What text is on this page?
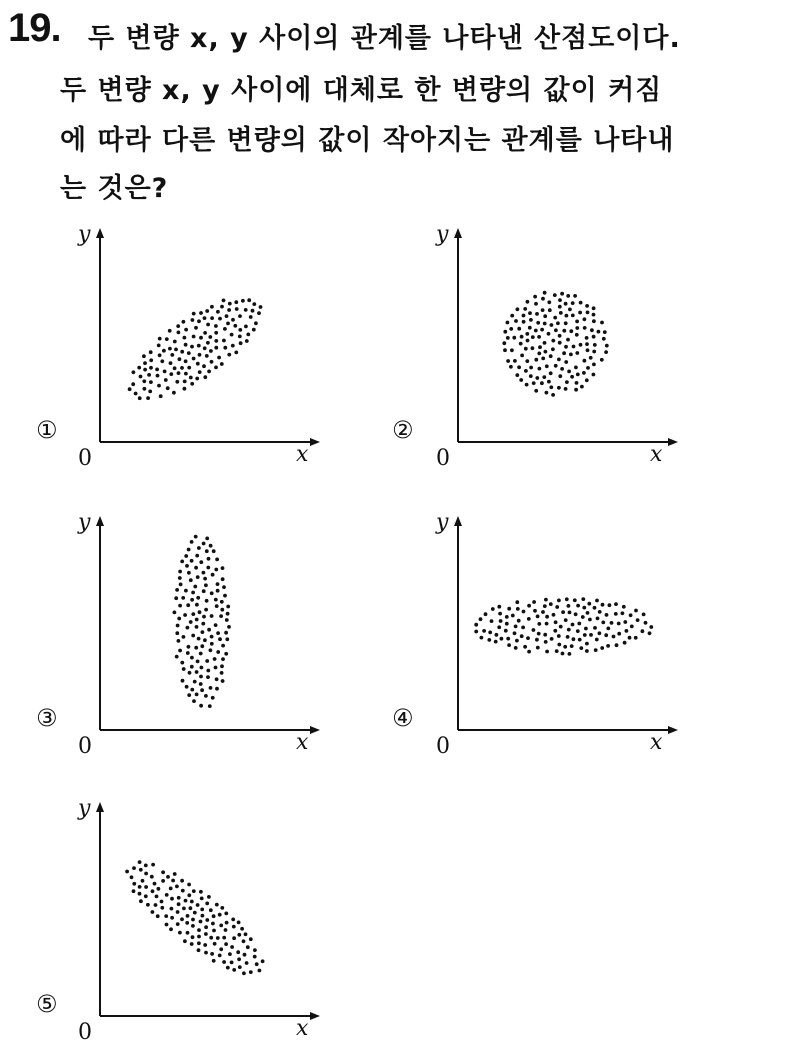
19. 두 변량 x, y 사이의 관계를 나타낸 산점도이다.
두 변량 x, y 사이에 대체로 한 변량의 값이 커짐
에 따라 다른 변량의 값이 작아지는 관계를 나타내
는 것은?
y
x
0
①
y
x
0
②
y
x
0
③
y
x
0
④
y
x
0
⑤
